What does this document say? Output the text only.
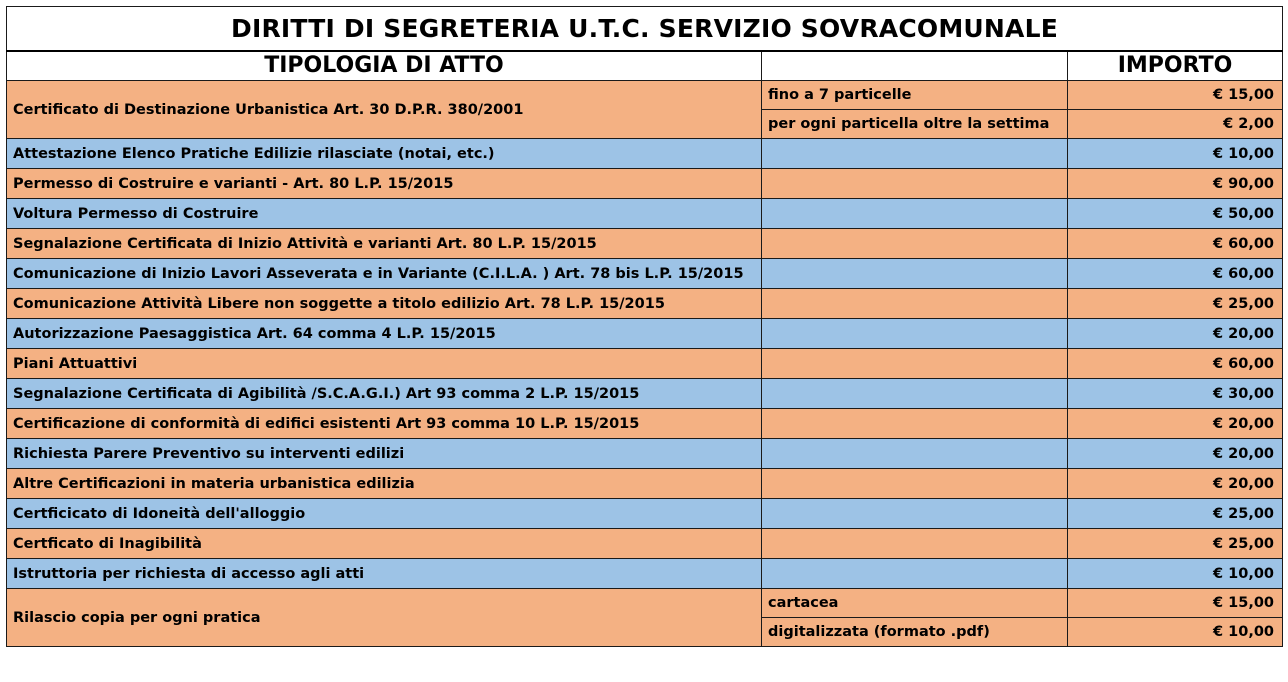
DIRITTI DI SEGRETERIA U.T.C. SERVIZIO SOVRACOMUNALE		
TIPOLOGIA DI ATTO		IMPORTO
Certificato di Destinazione Urbanistica Art. 30 D.P.R. 380/2001	fino a 7 particelle	€ 15,00
	per ogni particella oltre la settima	€ 2,00
Attestazione Elenco Pratiche Edilizie rilasciate (notai, etc.)		€ 10,00
Permesso di Costruire e varianti - Art. 80 L.P. 15/2015		€ 90,00
Voltura Permesso di Costruire		€ 50,00
Segnalazione Certificata di Inizio Attività e varianti Art. 80 L.P. 15/2015		€ 60,00
Comunicazione di Inizio Lavori Asseverata e in Variante (C.I.L.A. ) Art. 78 bis L.P. 15/2015		€ 60,00
Comunicazione Attività Libere non soggette a titolo edilizio Art. 78 L.P. 15/2015		€ 25,00
Autorizzazione Paesaggistica Art. 64 comma 4 L.P. 15/2015		€ 20,00
Piani Attuattivi		€ 60,00
Segnalazione Certificata di Agibilità /S.C.A.G.I.) Art 93 comma 2 L.P. 15/2015		€ 30,00
Certificazione di conformità di edifici esistenti Art 93 comma 10 L.P. 15/2015		€ 20,00
Richiesta Parere Preventivo su interventi edilizi		€ 20,00
Altre Certificazioni in materia urbanistica edilizia		€ 20,00
Certficicato di Idoneità dell'alloggio		€ 25,00
Certficato di Inagibilità		€ 25,00
Istruttoria per richiesta di accesso agli atti		€ 10,00
Rilascio copia per ogni pratica	cartacea	€ 15,00
	digitalizzata (formato .pdf)	€ 10,00
